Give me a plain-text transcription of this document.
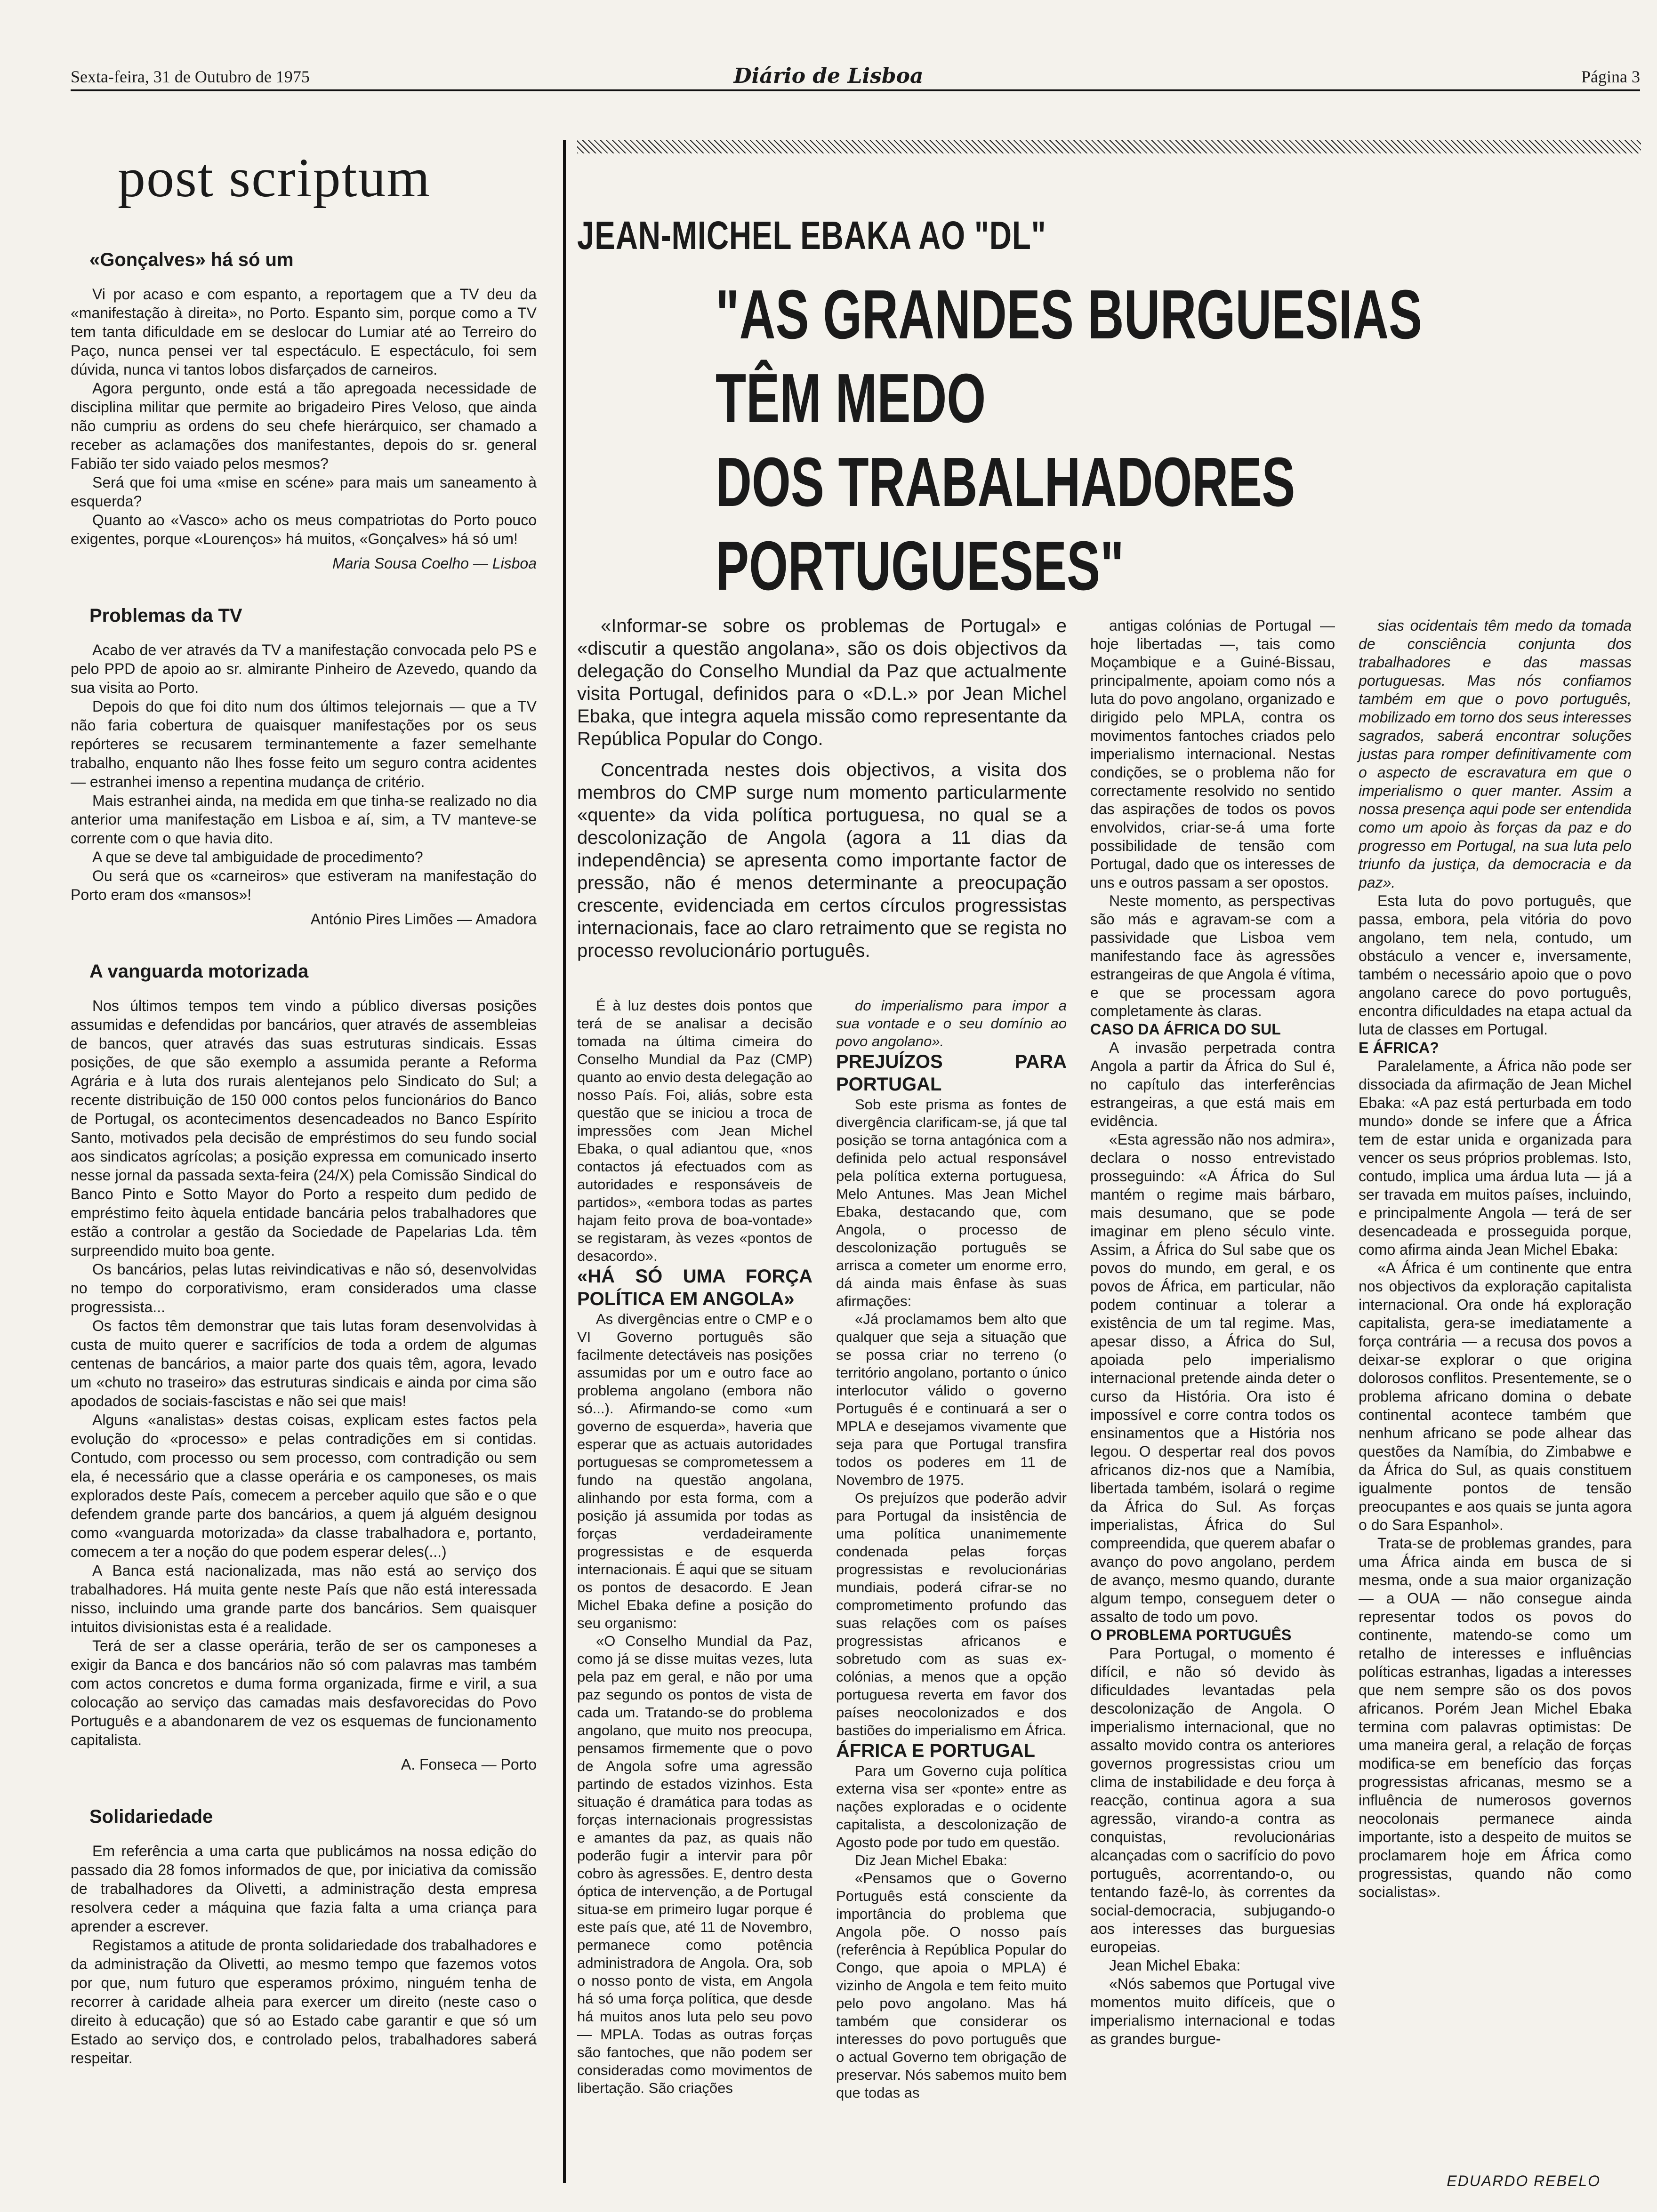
Sexta-feira, 31 de Outubro de 1975	Diário de Lisboa	Página 3
post scriptum
«Gonçalves» há só um

Vi por acaso e com espanto, a reportagem que a TV deu da «manifestação à direita», no Porto. Espanto sim, porque como a TV tem tanta dificuldade em se deslocar do Lumiar até ao Terreiro do Paço, nunca pensei ver tal espectáculo. E espectáculo, foi sem dúvida, nunca vi tantos lobos disfarçados de carneiros.

Agora pergunto, onde está a tão apregoada necessidade de disciplina militar que permite ao brigadeiro Pires Veloso, que ainda não cumpriu as ordens do seu chefe hierárquico, ser chamado a receber as aclamações dos manifestantes, depois do sr. general Fabião ter sido vaiado pelos mesmos?

Será que foi uma «mise en scéne» para mais um saneamento à esquerda?

Quanto ao «Vasco» acho os meus compatriotas do Porto pouco exigentes, porque «Lourenços» há muitos, «Gonçalves» há só um!

Maria Sousa Coelho — Lisboa

Problemas da TV

Acabo de ver através da TV a manifestação convocada pelo PS e pelo PPD de apoio ao sr. almirante Pinheiro de Azevedo, quando da sua visita ao Porto.

Depois do que foi dito num dos últimos telejornais — que a TV não faria cobertura de quaisquer manifestações por os seus repórteres se recusarem terminantemente a fazer semelhante trabalho, enquanto não lhes fosse feito um seguro contra acidentes — estranhei imenso a repentina mudança de critério.

Mais estranhei ainda, na medida em que tinha-se realizado no dia anterior uma manifestação em Lisboa e aí, sim, a TV manteve-se corrente com o que havia dito.

A que se deve tal ambiguidade de procedimento?

Ou será que os «carneiros» que estiveram na manifestação do Porto eram dos «mansos»!

António Pires Limões — Amadora

A vanguarda motorizada

Nos últimos tempos tem vindo a público diversas posições assumidas e defendidas por bancários, quer através de assembleias de bancos, quer através das suas estruturas sindicais. Essas posições, de que são exemplo a assumida perante a Reforma Agrária e à luta dos rurais alentejanos pelo Sindicato do Sul; a recente distribuição de 150 000 contos pelos funcionários do Banco de Portugal, os acontecimentos desencadeados no Banco Espírito Santo, motivados pela decisão de empréstimos do seu fundo social aos sindicatos agrícolas; a posição expressa em comunicado inserto nesse jornal da passada sexta-feira (24/X) pela Comissão Sindical do Banco Pinto e Sotto Mayor do Porto a respeito dum pedido de empréstimo feito àquela entidade bancária pelos trabalhadores que estão a controlar a gestão da Sociedade de Papelarias Lda. têm surpreendido muito boa gente.

Os bancários, pelas lutas reivindicativas e não só, desenvolvidas no tempo do corporativismo, eram considerados uma classe progressista...

Os factos têm demonstrar que tais lutas foram desenvolvidas à custa de muito querer e sacrifícios de toda a ordem de algumas centenas de bancários, a maior parte dos quais têm, agora, levado um «chuto no traseiro» das estruturas sindicais e ainda por cima são apodados de sociais-fascistas e não sei que mais!

Alguns «analistas» destas coisas, explicam estes factos pela evolução do «processo» e pelas contradições em si contidas. Contudo, com processo ou sem processo, com contradição ou sem ela, é necessário que a classe operária e os camponeses, os mais explorados deste País, comecem a perceber aquilo que são e o que defendem grande parte dos bancários, a quem já alguém designou como «vanguarda motorizada» da classe trabalhadora e, portanto, comecem a ter a noção do que podem esperar deles(...)

A Banca está nacionalizada, mas não está ao serviço dos trabalhadores. Há muita gente neste País que não está interessada nisso, incluindo uma grande parte dos bancários. Sem quaisquer intuitos divisionistas esta é a realidade.

Terá de ser a classe operária, terão de ser os camponeses a exigir da Banca e dos bancários não só com palavras mas também com actos concretos e duma forma organizada, firme e viril, a sua colocação ao serviço das camadas mais desfavorecidas do Povo Português e a abandonarem de vez os esquemas de funcionamento capitalista.

A. Fonseca — Porto

Solidariedade

Em referência a uma carta que publicámos na nossa edição do passado dia 28 fomos informados de que, por iniciativa da comissão de trabalhadores da Olivetti, a administração desta empresa resolvera ceder a máquina que fazia falta a uma criança para aprender a escrever.

Registamos a atitude de pronta solidariedade dos trabalhadores e da administração da Olivetti, ao mesmo tempo que fazemos votos por que, num futuro que esperamos próximo, ninguém tenha de recorrer à caridade alheia para exercer um direito (neste caso o direito à educação) que só ao Estado cabe garantir e que só um Estado ao serviço dos, e controlado pelos, trabalhadores saberá respeitar.

JEAN-MICHEL EBAKA AO "DL"
"AS GRANDES BURGUESIAS
TÊM MEDO
DOS TRABALHADORES
PORTUGUESES"

«Informar-se sobre os problemas de Portugal» e «discutir a questão angolana», são os dois objectivos da delegação do Conselho Mundial da Paz que actualmente visita Portugal, definidos para o «D.L.» por Jean Michel Ebaka, que integra aquela missão como representante da República Popular do Congo.

Concentrada nestes dois objectivos, a visita dos membros do CMP surge num momento particularmente «quente» da vida política portuguesa, no qual se a descolonização de Angola (agora a 11 dias da independência) se apresenta como importante factor de pressão, não é menos determinante a preocupação crescente, evidenciada em certos círculos progressistas internacionais, face ao claro retraimento que se regista no processo revolucionário português.

É à luz destes dois pontos que terá de se analisar a decisão tomada na última cimeira do Conselho Mundial da Paz (CMP) quanto ao envio desta delegação ao nosso País. Foi, aliás, sobre esta questão que se iniciou a troca de impressões com Jean Michel Ebaka, o qual adiantou que, «nos contactos já efectuados com as autoridades e responsáveis de partidos», «embora todas as partes hajam feito prova de boa-vontade» se registaram, às vezes «pontos de desacordo».

«HÁ SÓ UMA FORÇA POLÍTICA EM ANGOLA»

As divergências entre o CMP e o VI Governo português são facilmente detectáveis nas posições assumidas por um e outro face ao problema angolano (embora não só...). Afirmando-se como «um governo de esquerda», haveria que esperar que as actuais autoridades portuguesas se comprometessem a fundo na questão angolana, alinhando por esta forma, com a posição já assumida por todas as forças verdadeiramente progressistas e de esquerda internacionais. É aqui que se situam os pontos de desacordo. E Jean Michel Ebaka define a posição do seu organismo:

«O Conselho Mundial da Paz, como já se disse muitas vezes, luta pela paz em geral, e não por uma paz segundo os pontos de vista de cada um. Tratando-se do problema angolano, que muito nos preocupa, pensamos firmemente que o povo de Angola sofre uma agressão partindo de estados vizinhos. Esta situação é dramática para todas as forças internacionais progressistas e amantes da paz, as quais não poderão fugir a intervir para pôr cobro às agressões. E, dentro desta óptica de intervenção, a de Portugal situa-se em primeiro lugar porque é este país que, até 11 de Novembro, permanece como potência administradora de Angola. Ora, sob o nosso ponto de vista, em Angola há só uma força política, que desde há muitos anos luta pelo seu povo — MPLA. Todas as outras forças são fantoches, que não podem ser consideradas como movimentos de libertação. São criações

do imperialismo para impor a sua vontade e o seu domínio ao povo angolano».

PREJUÍZOS PARA PORTUGAL

Sob este prisma as fontes de divergência clarificam-se, já que tal posição se torna antagónica com a definida pelo actual responsável pela política externa portuguesa, Melo Antunes. Mas Jean Michel Ebaka, destacando que, com Angola, o processo de descolonização português se arrisca a cometer um enorme erro, dá ainda mais ênfase às suas afirmações:

«Já proclamamos bem alto que qualquer que seja a situação que se possa criar no terreno (o território angolano, portanto o único interlocutor válido o governo Português é e continuará a ser o MPLA e desejamos vivamente que seja para que Portugal transfira todos os poderes em 11 de Novembro de 1975.

Os prejuízos que poderão advir para Portugal da insistência de uma política unanimemente condenada pelas forças progressistas e revolucionárias mundiais, poderá cifrar-se no comprometimento profundo das suas relações com os países progressistas africanos e sobretudo com as suas ex-colónias, a menos que a opção portuguesa reverta em favor dos países neocolonizados e dos bastiões do imperialismo em África.

ÁFRICA E PORTUGAL

Para um Governo cuja política externa visa ser «ponte» entre as nações exploradas e o ocidente capitalista, a descolonização de Agosto pode por tudo em questão.

Diz Jean Michel Ebaka:

«Pensamos que o Governo Português está consciente da importância do problema que Angola põe. O nosso país (referência à República Popular do Congo, que apoia o MPLA) é vizinho de Angola e tem feito muito pelo povo angolano. Mas há também que considerar os interesses do povo português que o actual Governo tem obrigação de preservar. Nós sabemos muito bem que todas as

antigas colónias de Portugal — hoje libertadas —, tais como Moçambique e a Guiné-Bissau, principalmente, apoiam como nós a luta do povo angolano, organizado e dirigido pelo MPLA, contra os movimentos fantoches criados pelo imperialismo internacional. Nestas condições, se o problema não for correctamente resolvido no sentido das aspirações de todos os povos envolvidos, criar-se-á uma forte possibilidade de tensão com Portugal, dado que os interesses de uns e outros passam a ser opostos.

Neste momento, as perspectivas são más e agravam-se com a passividade que Lisboa vem manifestando face às agressões estrangeiras de que Angola é vítima, e que se processam agora completamente às claras.

CASO DA ÁFRICA DO SUL

A invasão perpetrada contra Angola a partir da África do Sul é, no capítulo das interferências estrangeiras, a que está mais em evidência.

«Esta agressão não nos admira», declara o nosso entrevistado prosseguindo: «A África do Sul mantém o regime mais bárbaro, mais desumano, que se pode imaginar em pleno século vinte. Assim, a África do Sul sabe que os povos do mundo, em geral, e os povos de África, em particular, não podem continuar a tolerar a existência de um tal regime. Mas, apesar disso, a África do Sul, apoiada pelo imperialismo internacional pretende ainda deter o curso da História. Ora isto é impossível e corre contra todos os ensinamentos que a História nos legou. O despertar real dos povos africanos diz-nos que a Namíbia, libertada também, isolará o regime da África do Sul. As forças imperialistas, África do Sul compreendida, que querem abafar o avanço do povo angolano, perdem de avanço, mesmo quando, durante algum tempo, conseguem deter o assalto de todo um povo.

O PROBLEMA PORTUGUÊS

Para Portugal, o momento é difícil, e não só devido às dificuldades levantadas pela descolonização de Angola. O imperialismo internacional, que no assalto movido contra os anteriores governos progressistas criou um clima de instabilidade e deu força à reacção, continua agora a sua agressão, virando-a contra as conquistas, revolucionárias alcançadas com o sacrifício do povo português, acorrentando-o, ou tentando fazê-lo, às correntes da social-democracia, subjugando-o aos interesses das burguesias europeias.

Jean Michel Ebaka:

«Nós sabemos que Portugal vive momentos muito difíceis, que o imperialismo internacional e todas as grandes burgue-

sias ocidentais têm medo da tomada de consciência conjunta dos trabalhadores e das massas portuguesas. Mas nós confiamos também em que o povo português, mobilizado em torno dos seus interesses sagrados, saberá encontrar soluções justas para romper definitivamente com o aspecto de escravatura em que o imperialismo o quer manter. Assim a nossa presença aqui pode ser entendida como um apoio às forças da paz e do progresso em Portugal, na sua luta pelo triunfo da justiça, da democracia e da paz».

Esta luta do povo português, que passa, embora, pela vitória do povo angolano, tem nela, contudo, um obstáculo a vencer e, inversamente, também o necessário apoio que o povo angolano carece do povo português, encontra dificuldades na etapa actual da luta de classes em Portugal.

E ÁFRICA?

Paralelamente, a África não pode ser dissociada da afirmação de Jean Michel Ebaka: «A paz está perturbada em todo mundo» donde se infere que a África tem de estar unida e organizada para vencer os seus próprios problemas. Isto, contudo, implica uma árdua luta — já a ser travada em muitos países, incluindo, e principalmente Angola — terá de ser desencadeada e prosseguida porque, como afirma ainda Jean Michel Ebaka:

«A África é um continente que entra nos objectivos da exploração capitalista internacional. Ora onde há exploração capitalista, gera-se imediatamente a força contrária — a recusa dos povos a deixar-se explorar o que origina dolorosos conflitos. Presentemente, se o problema africano domina o debate continental acontece também que nenhum africano se pode alhear das questões da Namíbia, do Zimbabwe e da África do Sul, as quais constituem igualmente pontos de tensão preocupantes e aos quais se junta agora o do Sara Espanhol».

Trata-se de problemas grandes, para uma África ainda em busca de si mesma, onde a sua maior organização — a OUA — não consegue ainda representar todos os povos do continente, matendo-se como um retalho de interesses e influências políticas estranhas, ligadas a interesses que nem sempre são os dos povos africanos. Porém Jean Michel Ebaka termina com palavras optimistas: De uma maneira geral, a relação de forças modifica-se em benefício das forças progressistas africanas, mesmo se a influência de numerosos governos neocolonais permanece ainda importante, isto a despeito de muitos se proclamarem hoje em África como progressistas, quando não como socialistas».

EDUARDO REBELO
